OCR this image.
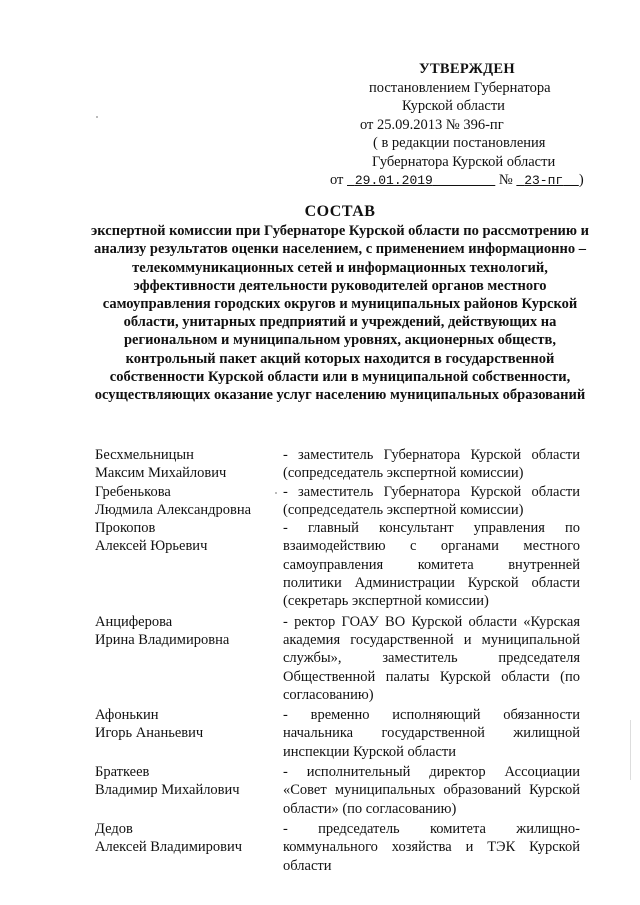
УТВЕРЖДЕН
постановлением Губернатора
Курской области
от 25.09.2013 № 396-пг
( в редакции постановления
Губернатора Курской области
от 29.01.2019	№ 23-пг )
СОСТАВ
экспертной комиссии при Губернаторе Курской области по рассмотрению и анализу результатов оценки населением, с применением информационно – телекоммуникационных сетей и информационных технологий, эффективности деятельности руководителей органов местного самоуправления городских округов и муниципальных районов Курской области, унитарных предприятий и учреждений, действующих на региональном и муниципальном уровнях, акционерных обществ, контрольный пакет акций которых находится в государственной собственности Курской области или в муниципальной собственности, осуществляющих оказание услуг населению муниципальных образований
Бесхмельницын
Максим Михайлович
- заместитель Губернатора Курской области (сопредседатель экспертной комиссии)
Гребенькова
Людмила Александровна
- заместитель Губернатора Курской области (сопредседатель экспертной комиссии)
Прокопов
Алексей Юрьевич
- главный консультант управления по взаимодействию с органами местного самоуправления комитета внутренней политики Администрации Курской области (секретарь экспертной комиссии)
Анциферова
Ирина Владимировна
- ректор ГОАУ ВО Курской области «Курская академия государственной и муниципальной службы», заместитель председателя Общественной палаты Курской области (по согласованию)
Афонькин
Игорь Ананьевич
- временно исполняющий обязанности начальника государственной жилищной инспекции Курской области
Браткеев
Владимир Михайлович
- исполнительный директор Ассоциации «Совет муниципальных образований Курской области» (по согласованию)
Дедов
Алексей Владимирович
- председатель комитета жилищно-коммунального хозяйства и ТЭК Курской области
